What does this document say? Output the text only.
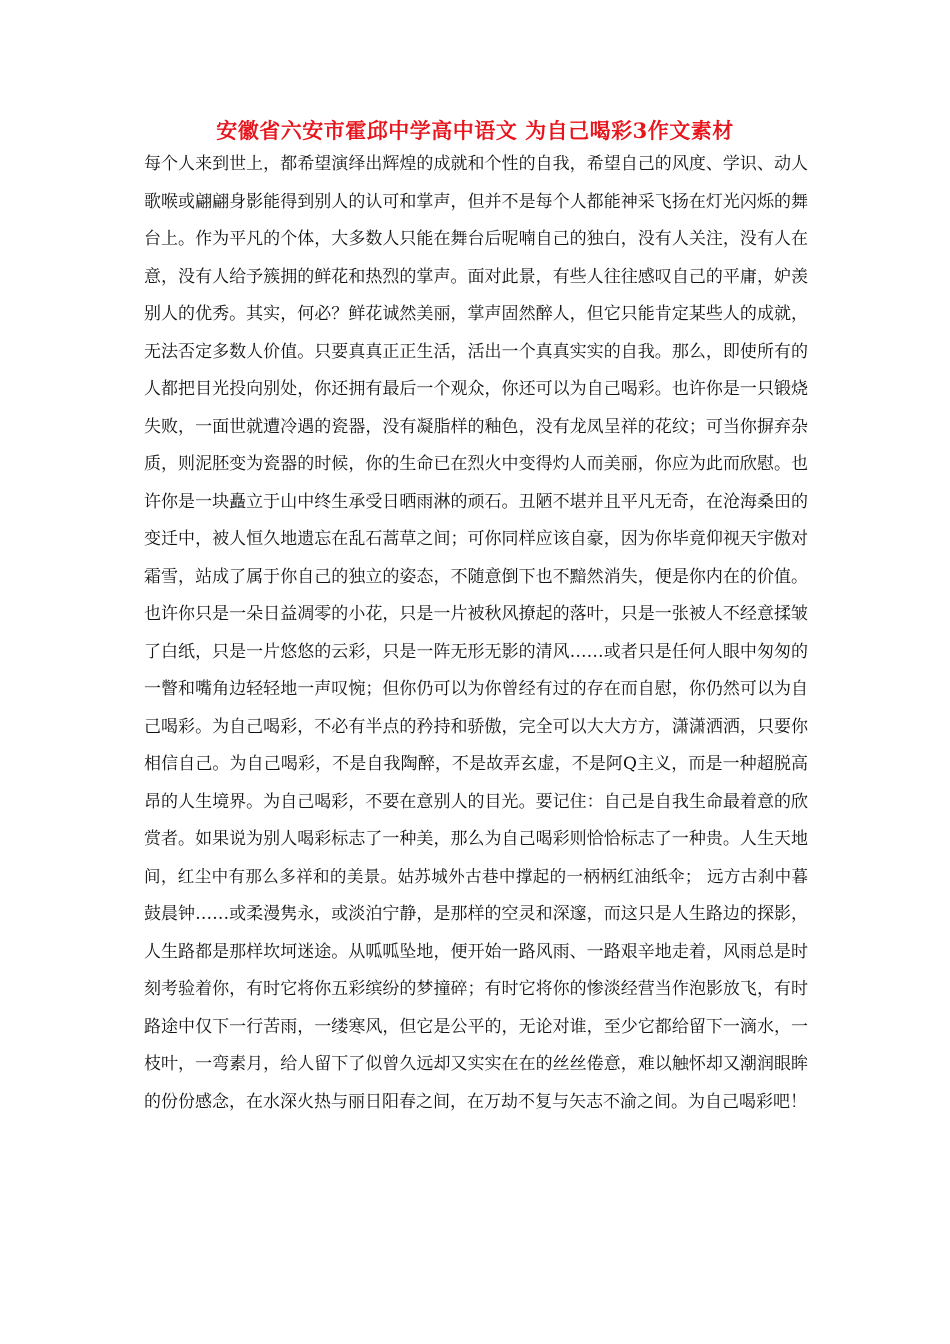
安徽省六安市霍邱中学高中语文 为自己喝彩3作文素材
每个人来到世上，都希望演绎出辉煌的成就和个性的自我，希望自己的风度、学识、动人
歌喉或翩翩身影能得到别人的认可和掌声，但并不是每个人都能神采飞扬在灯光闪烁的舞
台上。作为平凡的个体，大多数人只能在舞台后呢喃自己的独白，没有人关注，没有人在
意，没有人给予簇拥的鲜花和热烈的掌声。面对此景，有些人往往感叹自己的平庸，妒羡
别人的优秀。其实，何必？鲜花诚然美丽，掌声固然醉人，但它只能肯定某些人的成就，
无法否定多数人价值。只要真真正正生活，活出一个真真实实的自我。那么，即使所有的
人都把目光投向别处，你还拥有最后一个观众，你还可以为自己喝彩。也许你是一只锻烧
失败，一面世就遭冷遇的瓷器，没有凝脂样的釉色，没有龙凤呈祥的花纹；可当你摒弃杂
质，则泥胚变为瓷器的时候，你的生命已在烈火中变得灼人而美丽，你应为此而欣慰。也
许你是一块矗立于山中终生承受日晒雨淋的顽石。丑陋不堪并且平凡无奇，在沧海桑田的
变迁中，被人恒久地遗忘在乱石蒿草之间；可你同样应该自豪，因为你毕竟仰视天宇傲对
霜雪，站成了属于你自己的独立的姿态，不随意倒下也不黯然消失，便是你内在的价值。
也许你只是一朵日益凋零的小花，只是一片被秋风撩起的落叶，只是一张被人不经意揉皱
了白纸，只是一片悠悠的云彩，只是一阵无形无影的清风……或者只是任何人眼中匆匆的
一瞥和嘴角边轻轻地一声叹惋；但你仍可以为你曾经有过的存在而自慰，你仍然可以为自
己喝彩。为自己喝彩，不必有半点的矜持和骄傲，完全可以大大方方，潇潇洒洒，只要你
相信自己。为自己喝彩，不是自我陶醉，不是故弄玄虚，不是阿Q主义，而是一种超脱高
昂的人生境界。为自己喝彩，不要在意别人的目光。要记住：自己是自我生命最着意的欣
赏者。如果说为别人喝彩标志了一种美，那么为自己喝彩则恰恰标志了一种贵。人生天地
间，红尘中有那么多祥和的美景。姑苏城外古巷中撑起的一柄柄红油纸伞； 远方古刹中暮
鼓晨钟……或柔漫隽永，或淡泊宁静，是那样的空灵和深邃，而这只是人生路边的探影，
人生路都是那样坎坷迷途。从呱呱坠地，便开始一路风雨、一路艰辛地走着，风雨总是时
刻考验着你，有时它将你五彩缤纷的梦撞碎；有时它将你的惨淡经营当作泡影放飞，有时
路途中仅下一行苦雨，一缕寒风，但它是公平的，无论对谁，至少它都给留下一滴水，一
枝叶，一弯素月，给人留下了似曾久远却又实实在在的丝丝倦意，难以触怀却又潮润眼眸
的份份感念，在水深火热与丽日阳春之间，在万劫不复与矢志不渝之间。为自己喝彩吧！
